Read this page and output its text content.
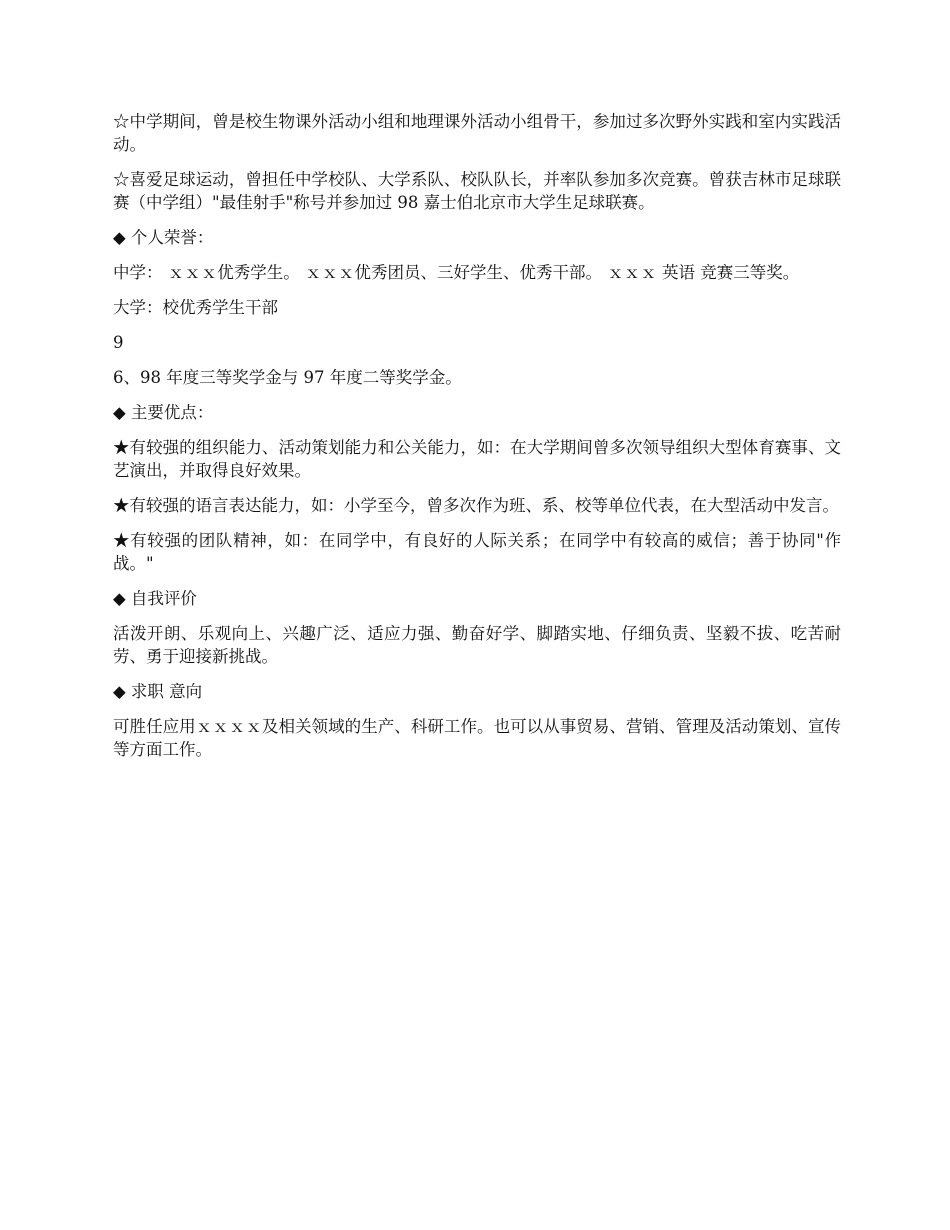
☆中学期间，曾是校生物课外活动小组和地理课外活动小组骨干，参加过多次野外实践和室内实践活动。

☆喜爱足球运动，曾担任中学校队、大学系队、校队队长，并率队参加多次竞赛。曾获吉林市足球联赛（中学组）"最佳射手"称号并参加过 98 嘉士伯北京市大学生足球联赛。

◆ 个人荣誉：

中学： ｘｘｘ优秀学生。 ｘｘｘ优秀团员、三好学生、优秀干部。 ｘｘｘ 英语 竞赛三等奖。

大学：校优秀学生干部

9

6、98 年度三等奖学金与 97 年度二等奖学金。

◆ 主要优点：

★有较强的组织能力、活动策划能力和公关能力，如：在大学期间曾多次领导组织大型体育赛事、文艺演出，并取得良好效果。

★有较强的语言表达能力，如：小学至今，曾多次作为班、系、校等单位代表，在大型活动中发言。

★有较强的团队精神，如：在同学中，有良好的人际关系；在同学中有较高的威信；善于协同"作战。"

◆ 自我评价

活泼开朗、乐观向上、兴趣广泛、适应力强、勤奋好学、脚踏实地、仔细负责、坚毅不拔、吃苦耐劳、勇于迎接新挑战。

◆ 求职 意向

可胜任应用ｘｘｘｘ及相关领域的生产、科研工作。也可以从事贸易、营销、管理及活动策划、宣传等方面工作。
